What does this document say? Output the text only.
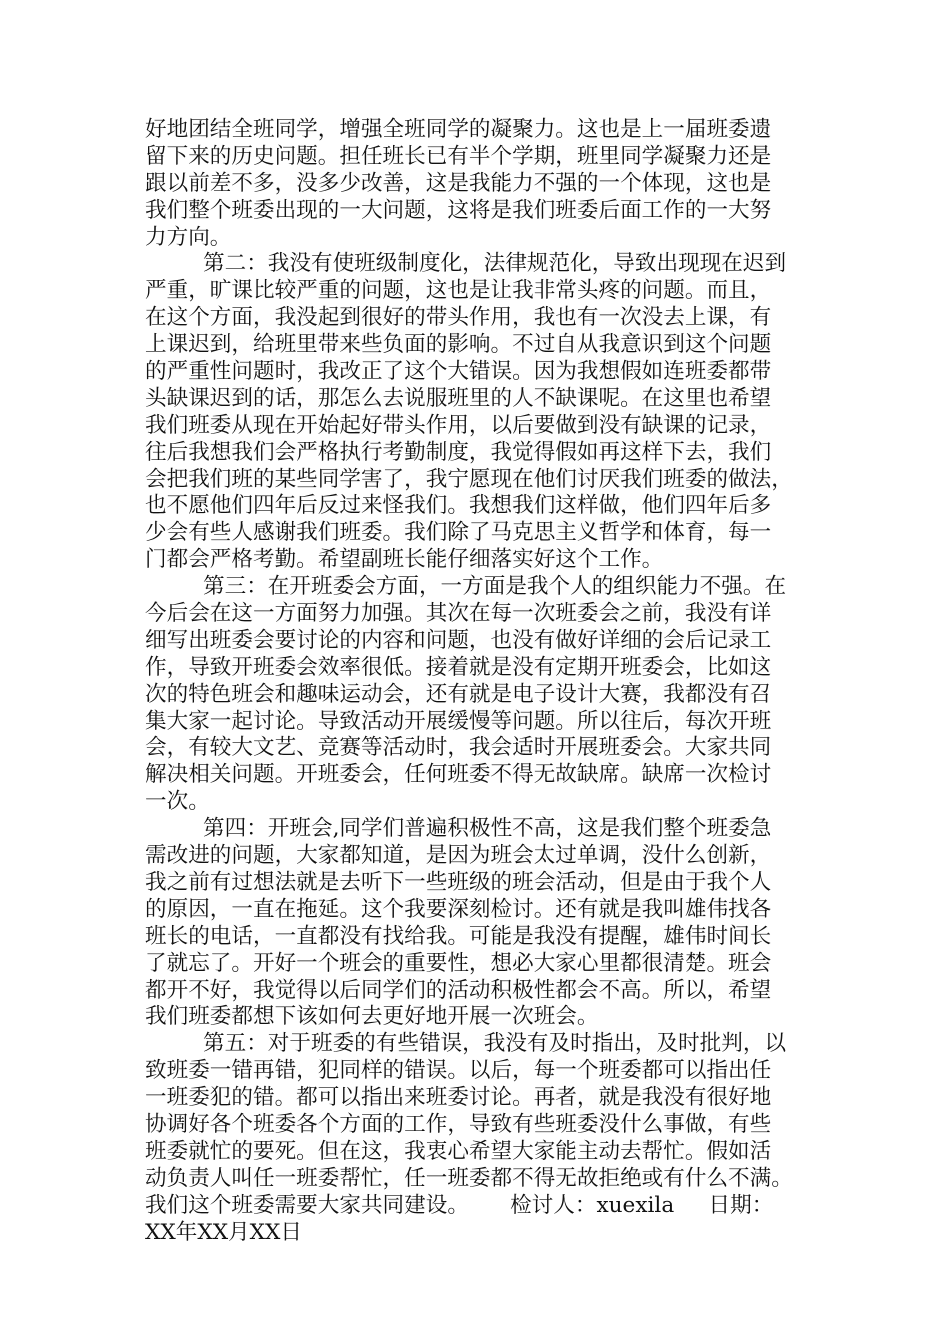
好地团结全班同学，增强全班同学的凝聚力。这也是上一届班委遗
留下来的历史问题。担任班长已有半个学期，班里同学凝聚力还是
跟以前差不多，没多少改善，这是我能力不强的一个体现，这也是
我们整个班委出现的一大问题，这将是我们班委后面工作的一大努
力方向。
第二：我没有使班级制度化，法律规范化，导致出现现在迟到
严重，旷课比较严重的问题，这也是让我非常头疼的问题。而且，
在这个方面，我没起到很好的带头作用，我也有一次没去上课，有
上课迟到，给班里带来些负面的影响。不过自从我意识到这个问题
的严重性问题时，我改正了这个大错误。因为我想假如连班委都带
头缺课迟到的话，那怎么去说服班里的人不缺课呢。在这里也希望
我们班委从现在开始起好带头作用，以后要做到没有缺课的记录，
往后我想我们会严格执行考勤制度，我觉得假如再这样下去，我们
会把我们班的某些同学害了，我宁愿现在他们讨厌我们班委的做法，
也不愿他们四年后反过来怪我们。我想我们这样做，他们四年后多
少会有些人感谢我们班委。我们除了马克思主义哲学和体育，每一
门都会严格考勤。希望副班长能仔细落实好这个工作。
第三：在开班委会方面，一方面是我个人的组织能力不强。在
今后会在这一方面努力加强。其次在每一次班委会之前，我没有详
细写出班委会要讨论的内容和问题，也没有做好详细的会后记录工
作，导致开班委会效率很低。接着就是没有定期开班委会，比如这
次的特色班会和趣味运动会，还有就是电子设计大赛，我都没有召
集大家一起讨论。导致活动开展缓慢等问题。所以往后，每次开班
会，有较大文艺、竞赛等活动时，我会适时开展班委会。大家共同
解决相关问题。开班委会，任何班委不得无故缺席。缺席一次检讨
一次。
第四：开班会,同学们普遍积极性不高，这是我们整个班委急
需改进的问题，大家都知道，是因为班会太过单调，没什么创新，
我之前有过想法就是去听下一些班级的班会活动，但是由于我个人
的原因，一直在拖延。这个我要深刻检讨。还有就是我叫雄伟找各
班长的电话，一直都没有找给我。可能是我没有提醒，雄伟时间长
了就忘了。开好一个班会的重要性，想必大家心里都很清楚。班会
都开不好，我觉得以后同学们的活动积极性都会不高。所以，希望
我们班委都想下该如何去更好地开展一次班会。
第五：对于班委的有些错误，我没有及时指出，及时批判，以
致班委一错再错，犯同样的错误。以后，每一个班委都可以指出任
一班委犯的错。都可以指出来班委讨论。再者，就是我没有很好地
协调好各个班委各个方面的工作，导致有些班委没什么事做，有些
班委就忙的要死。但在这，我衷心希望大家能主动去帮忙。假如活
动负责人叫任一班委帮忙，任一班委都不得无故拒绝或有什么不满。
我们这个班委需要大家共同建设。      检讨人：xuexila     日期：
XX年XX月XX日
